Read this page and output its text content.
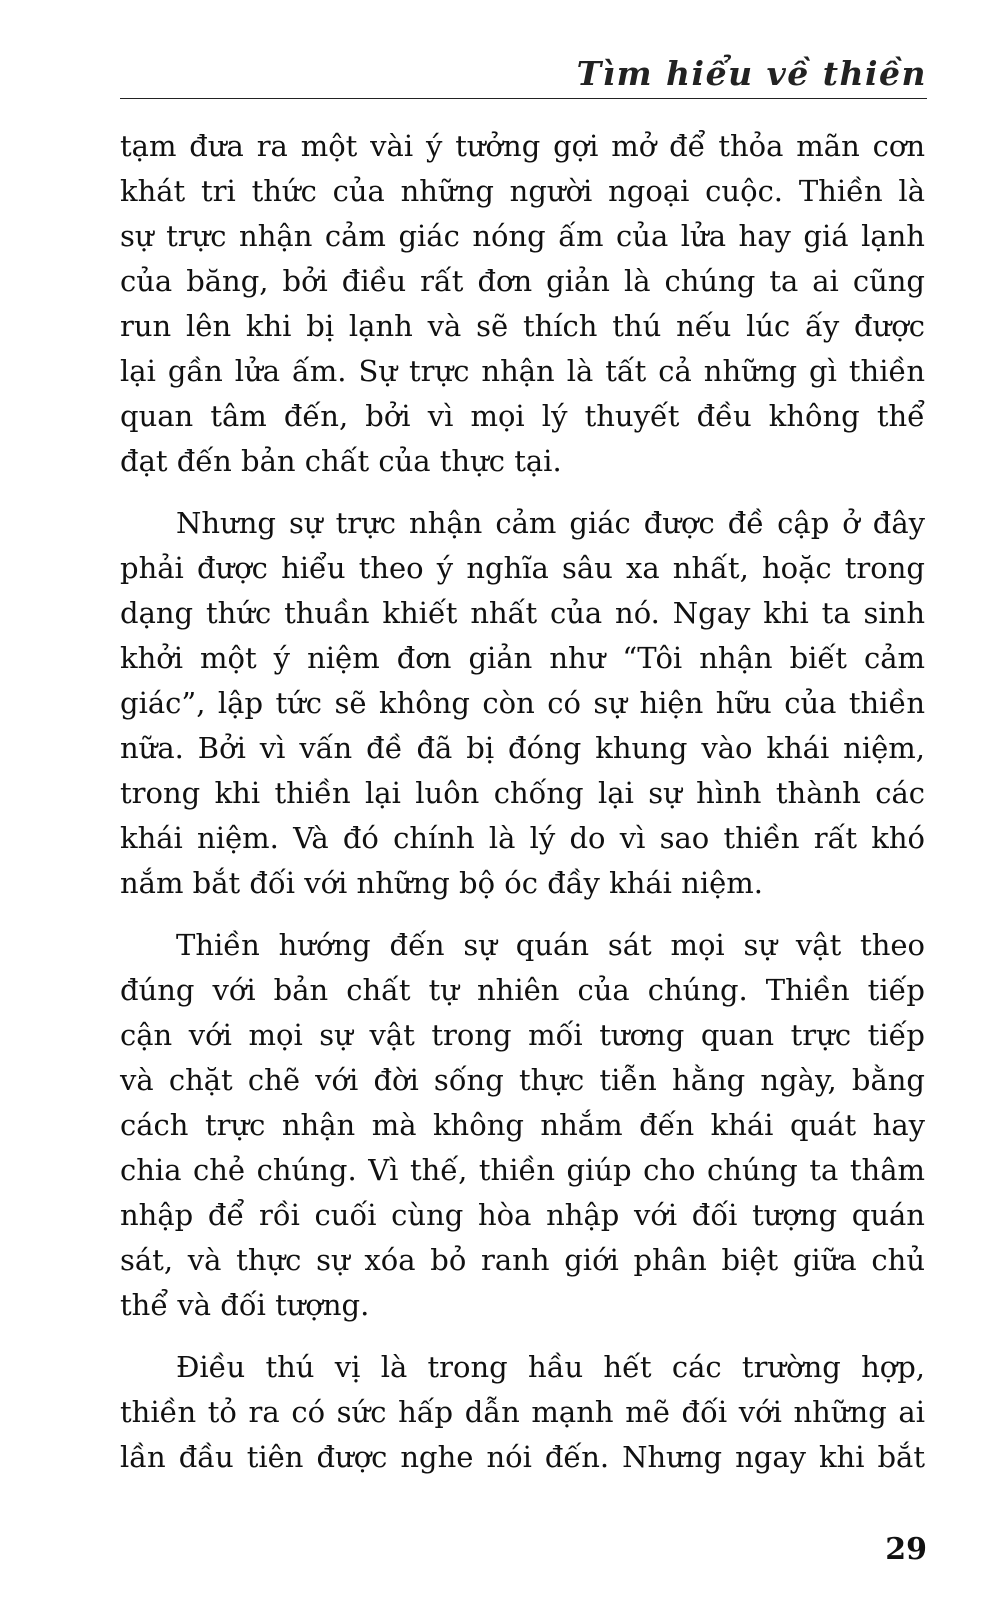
Tìm hiểu về thiền

tạm đưa ra một vài ý tưởng gợi mở để thỏa mãn cơn
khát tri thức của những người ngoại cuộc. Thiền là
sự trực nhận cảm giác nóng ấm của lửa hay giá lạnh
của băng, bởi điều rất đơn giản là chúng ta ai cũng
run lên khi bị lạnh và sẽ thích thú nếu lúc ấy được
lại gần lửa ấm. Sự trực nhận là tất cả những gì thiền
quan tâm đến, bởi vì mọi lý thuyết đều không thể
đạt đến bản chất của thực tại.

Nhưng sự trực nhận cảm giác được đề cập ở đây
phải được hiểu theo ý nghĩa sâu xa nhất, hoặc trong
dạng thức thuần khiết nhất của nó. Ngay khi ta sinh
khởi một ý niệm đơn giản như “Tôi nhận biết cảm
giác”, lập tức sẽ không còn có sự hiện hữu của thiền
nữa. Bởi vì vấn đề đã bị đóng khung vào khái niệm,
trong khi thiền lại luôn chống lại sự hình thành các
khái niệm. Và đó chính là lý do vì sao thiền rất khó
nắm bắt đối với những bộ óc đầy khái niệm.

Thiền hướng đến sự quán sát mọi sự vật theo
đúng với bản chất tự nhiên của chúng. Thiền tiếp
cận với mọi sự vật trong mối tương quan trực tiếp
và chặt chẽ với đời sống thực tiễn hằng ngày, bằng
cách trực nhận mà không nhắm đến khái quát hay
chia chẻ chúng. Vì thế, thiền giúp cho chúng ta thâm
nhập để rồi cuối cùng hòa nhập với đối tượng quán
sát, và thực sự xóa bỏ ranh giới phân biệt giữa chủ
thể và đối tượng.

Điều thú vị là trong hầu hết các trường hợp,
thiền tỏ ra có sức hấp dẫn mạnh mẽ đối với những ai
lần đầu tiên được nghe nói đến. Nhưng ngay khi bắt

29
